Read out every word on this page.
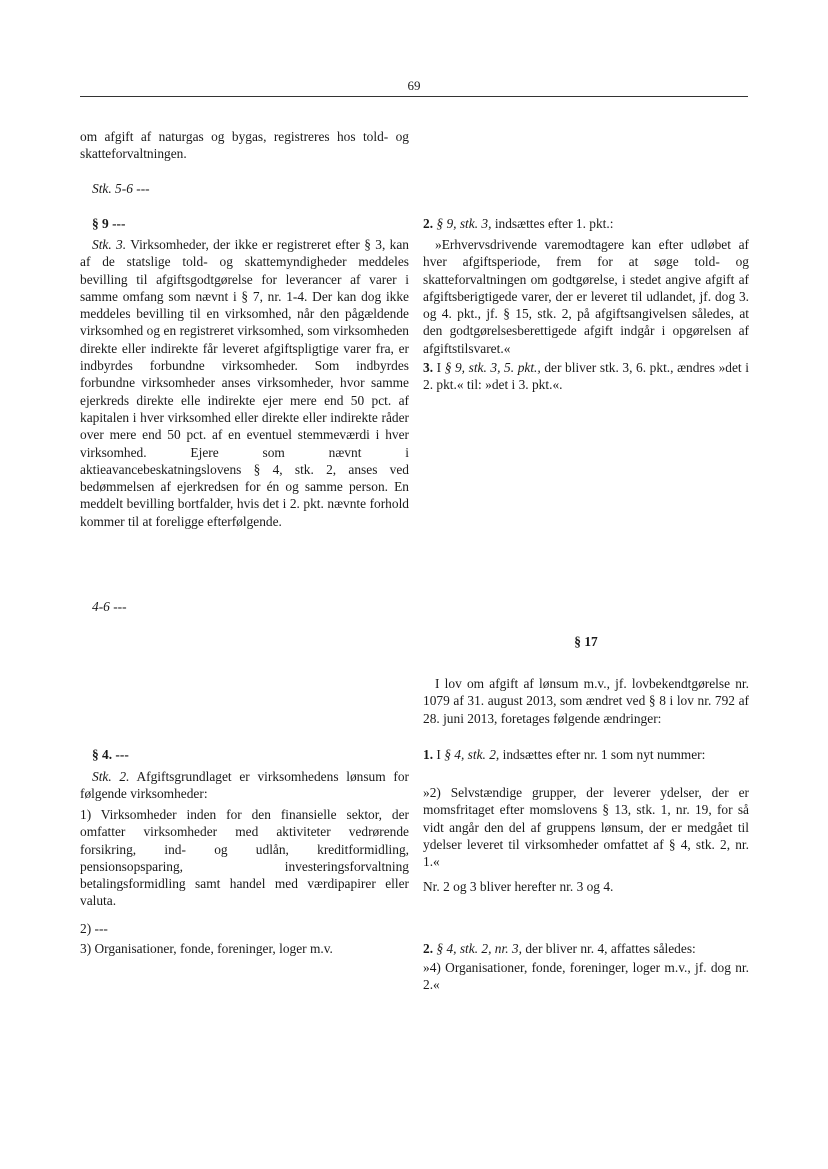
69

om afgift af naturgas og bygas, registreres hos told- og skatteforvaltningen.

Stk. 5-6 ---

§ 9 ---

Stk. 3. Virksomheder, der ikke er registreret efter § 3, kan af de statslige told- og skattemyndigheder meddeles bevilling til afgiftsgodtgørelse for leverancer af varer i samme omfang som nævnt i § 7, nr. 1-4. Der kan dog ikke meddeles bevilling til en virksomhed, når den pågældende virksomhed og en registreret virksomhed, som virksomheden direkte eller indirekte får leveret afgiftspligtige varer fra, er indbyrdes forbundne virksomheder. Som indbyrdes forbundne virksomheder anses virksomheder, hvor samme ejerkreds direkte elle indirekte ejer mere end 50 pct. af kapitalen i hver virksomhed eller direkte eller indirekte råder over mere end 50 pct. af en eventuel stemmeværdi i hver virksomhed. Ejere som nævnt i aktieavancebeskatningslovens § 4, stk. 2, anses ved bedømmelsen af ejerkredsen for én og samme person. En meddelt bevilling bortfalder, hvis det i 2. pkt. nævnte forhold kommer til at foreligge efterfølgende.

4-6 ---

§ 4. ---

Stk. 2. Afgiftsgrundlaget er virksomhedens lønsum for følgende virksomheder:

1) Virksomheder inden for den finansielle sektor, der omfatter virksomheder med aktiviteter vedrørende forsikring, ind- og udlån, kreditformidling, pensionsopsparing, investeringsforvaltning betalingsformidling samt handel med værdipapirer eller valuta.

2) ---

3) Organisationer, fonde, foreninger, loger m.v.

2. § 9, stk. 3, indsættes efter 1. pkt.:

»Erhvervsdrivende varemodtagere kan efter udløbet af hver afgiftsperiode, frem for at søge told- og skatteforvaltningen om godtgørelse, i stedet angive afgift af afgiftsberigtigede varer, der er leveret til udlandet, jf. dog 3. og 4. pkt., jf. § 15, stk. 2, på afgiftsangivelsen således, at den godtgørelsesberettigede afgift indgår i opgørelsen af afgiftstilsvaret.«

3. I § 9, stk. 3, 5. pkt., der bliver stk. 3, 6. pkt., ændres »det i 2. pkt.« til: »det i 3. pkt.«.

I lov om afgift af lønsum m.v., jf. lovbekendtgørelse nr. 1079 af 31. august 2013, som ændret ved § 8 i lov nr. 792 af 28. juni 2013, foretages følgende ændringer:

1. I § 4, stk. 2, indsættes efter nr. 1 som nyt nummer:

»2) Selvstændige grupper, der leverer ydelser, der er momsfritaget efter momslovens § 13, stk. 1, nr. 19, for så vidt angår den del af gruppens lønsum, der er medgået til ydelser leveret til virksomheder omfattet af § 4, stk. 2, nr. 1.«

Nr. 2 og 3 bliver herefter nr. 3 og 4.

2. § 4, stk. 2, nr. 3, der bliver nr. 4, affattes således:

»4) Organisationer, fonde, foreninger, loger m.v., jf. dog nr. 2.«

§ 17
